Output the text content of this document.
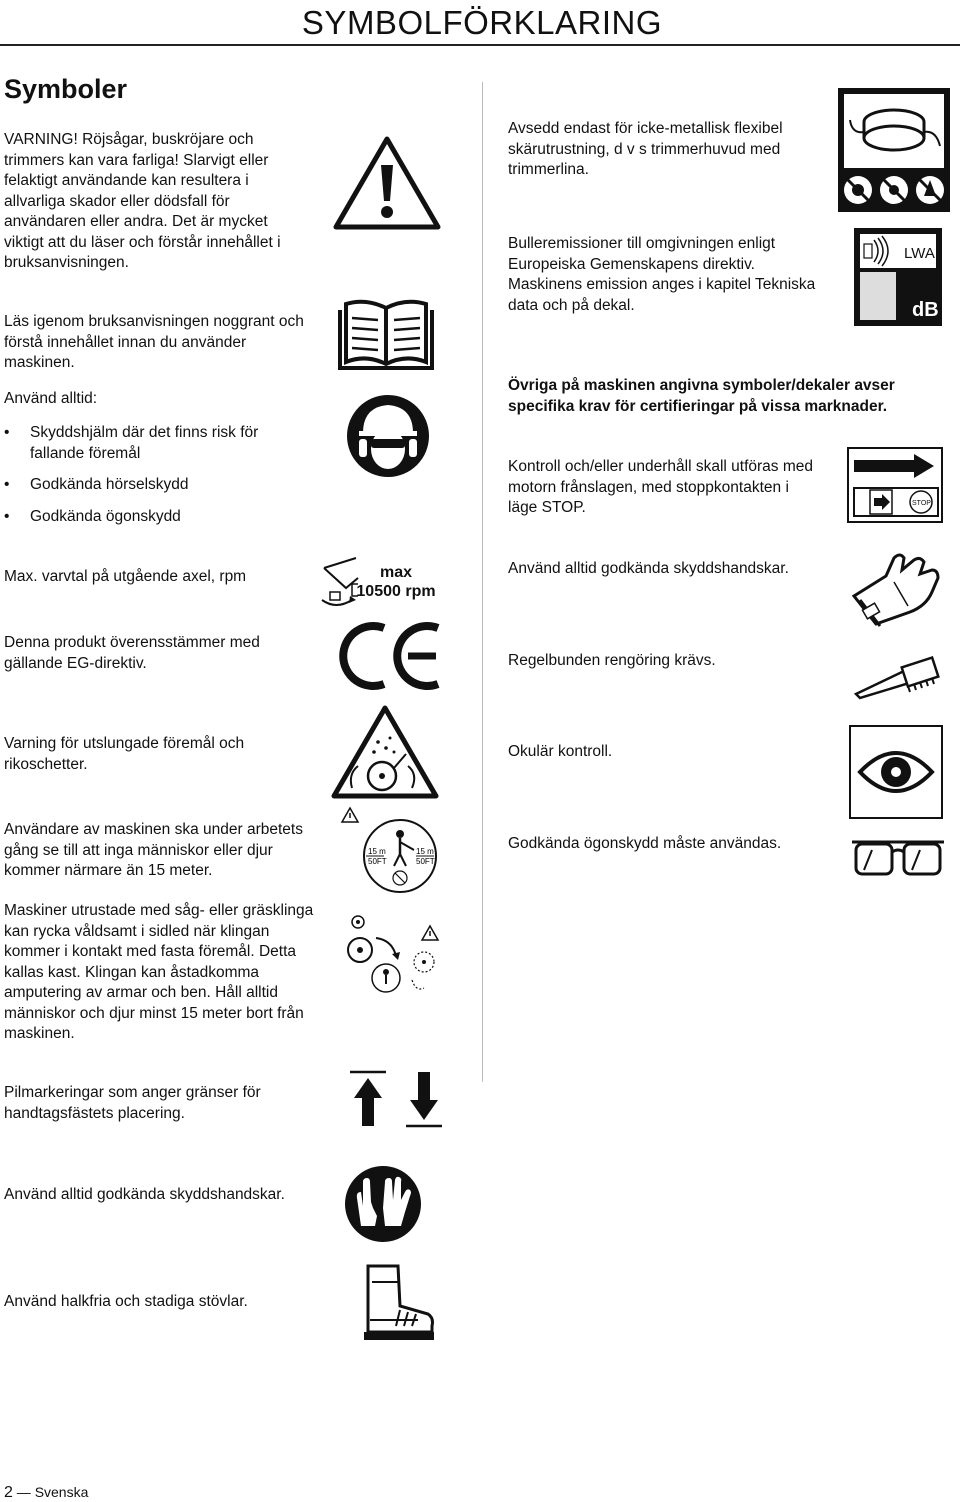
SYMBOLFÖRKLARING
Symboler
VARNING! Röjsågar, buskröjare och trimmers kan vara farliga! Slarvigt eller felaktigt användande kan resultera i allvarliga skador eller dödsfall för användaren eller andra. Det är mycket viktigt att du läser och förstår innehållet i bruksanvisningen.
Läs igenom bruksanvisningen noggrant och förstå innehållet innan du använder maskinen.
Använd alltid:
• Skyddshjälm där det finns risk för fallande föremål
• Godkända hörselskydd
• Godkända ögonskydd
Max. varvtal på utgående axel, rpm
Denna produkt överensstämmer med gällande EG-direktiv.
Varning för utslungade föremål och rikoschetter.
Användare av maskinen ska under arbetets gång se till att inga människor eller djur kommer närmare än 15 meter.
Maskiner utrustade med såg- eller gräsklinga kan rycka våldsamt i sidled när klingan kommer i kontakt med fasta föremål. Detta kallas kast. Klingan kan åstadkomma amputering av armar och ben. Håll alltid människor och djur minst 15 meter bort från maskinen.
Pilmarkeringar som anger gränser för handtagsfästets placering.
Använd alltid godkända skyddshandskar.
Använd halkfria och stadiga stövlar.
Avsedd endast för icke-metallisk flexibel skärutrustning, d v s trimmerhuvud med trimmerlina.
Bulleremissioner till omgivningen enligt Europeiska Gemenskapens direktiv. Maskinens emission anges i kapitel Tekniska data och på dekal.
Övriga på maskinen angivna symboler/dekaler avser specifika krav för certifieringar på vissa marknader.
Kontroll och/eller underhåll skall utföras med motorn frånslagen, med stoppkontakten i läge STOP.
Använd alltid godkända skyddshandskar.
Regelbunden rengöring krävs.
Okulär kontroll.
Godkända ögonskydd måste användas.
max
10500 rpm
15 m
50FT
15 m
50FT
LWA
dB
STOP
2 — Svenska
